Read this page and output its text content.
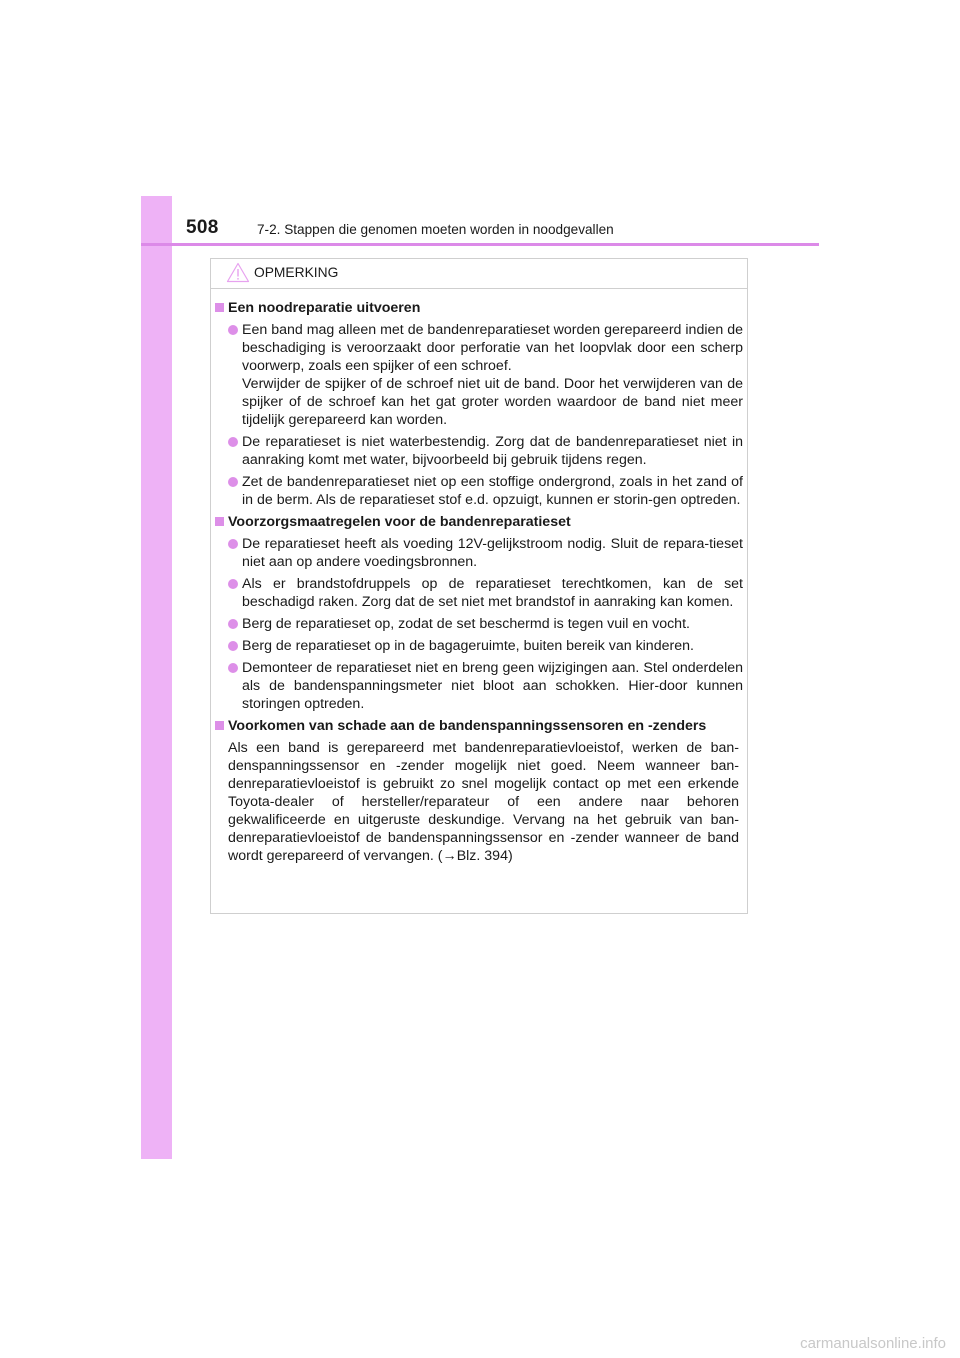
508	7-2. Stappen die genomen moeten worden in noodgevallen
OPMERKING
Een noodreparatie uitvoeren
Een band mag alleen met de bandenreparatieset worden gerepareerd indien de beschadiging is veroorzaakt door perforatie van het loopvlak door een scherp voorwerp, zoals een spijker of een schroef.
Verwijder de spijker of de schroef niet uit de band. Door het verwijderen van de spijker of de schroef kan het gat groter worden waardoor de band niet meer tijdelijk gerepareerd kan worden.
De reparatieset is niet waterbestendig. Zorg dat de bandenreparatieset niet in aanraking komt met water, bijvoorbeeld bij gebruik tijdens regen.
Zet de bandenreparatieset niet op een stoffige ondergrond, zoals in het zand of in de berm. Als de reparatieset stof e.d. opzuigt, kunnen er storin-gen optreden.
Voorzorgsmaatregelen voor de bandenreparatieset
De reparatieset heeft als voeding 12V-gelijkstroom nodig. Sluit de repara-tieset niet aan op andere voedingsbronnen.
Als er brandstofdruppels op de reparatieset terechtkomen, kan de set beschadigd raken. Zorg dat de set niet met brandstof in aanraking kan komen.
Berg de reparatieset op, zodat de set beschermd is tegen vuil en vocht.
Berg de reparatieset op in de bagageruimte, buiten bereik van kinderen.
Demonteer de reparatieset niet en breng geen wijzigingen aan. Stel onderdelen als de bandenspanningsmeter niet bloot aan schokken. Hier-door kunnen storingen optreden.
Voorkomen van schade aan de bandenspanningssensoren en -zenders
Als een band is gerepareerd met bandenreparatievloeistof, werken de ban-denspanningssensor en -zender mogelijk niet goed. Neem wanneer ban-denreparatievloeistof is gebruikt zo snel mogelijk contact op met een erkende Toyota-dealer of hersteller/reparateur of een andere naar behoren gekwalificeerde en uitgeruste deskundige. Vervang na het gebruik van ban-denreparatievloeistof de bandenspanningssensor en -zender wanneer de band wordt gerepareerd of vervangen. (→Blz. 394)
carmanualsonline.info
